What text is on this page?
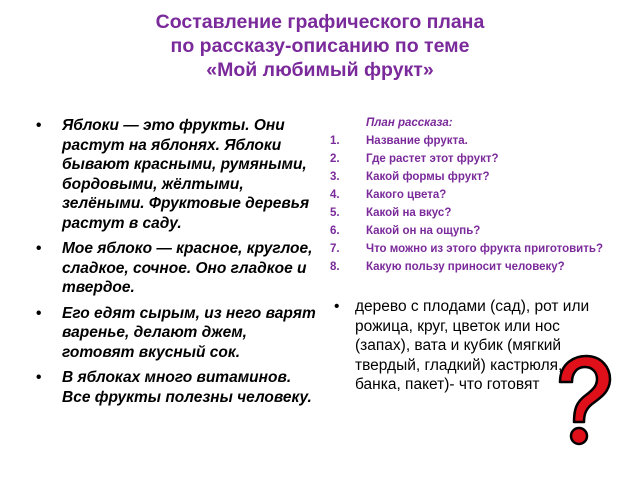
Составление графического плана
по рассказу-описанию по теме
«Мой любимый фрукт»
• Яблоки — это фрукты. Они растут на яблонях. Яблоки бывают красными, румяными, бордовыми, жёлтыми, зелёными. Фруктовые деревья растут в саду.
• Мое яблоко — красное, круглое, сладкое, сочное. Оно гладкое и твердое.
• Его едят сырым, из него варят варенье, делают джем, готовят вкусный сок.
• В яблоках много витаминов. Все фрукты полезны человеку.
План рассказа:
1. Название фрукта.
2. Где растет этот фрукт?
3. Какой формы фрукт?
4. Какого цвета?
5. Какой на вкус?
6. Какой он на ощупь?
7. Что можно из этого фрукта приготовить?
8. Какую пользу приносит человеку?
• дерево с плодами (сад), рот или рожица, круг, цветок или нос (запах), вата и кубик (мягкий твердый, гладкий) кастрюля, банка, пакет)- что готовят
